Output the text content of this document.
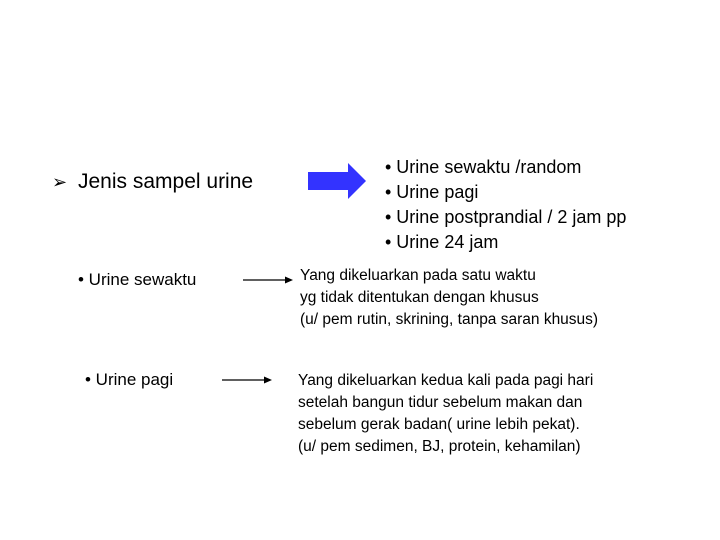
➢ Jenis sampel urine
• Urine sewaktu /random
• Urine pagi
• Urine postprandial / 2 jam pp
• Urine 24 jam
• Urine sewaktu	Yang dikeluarkan pada satu waktu
yg tidak ditentukan dengan khusus
(u/ pem rutin, skrining, tanpa saran khusus)
• Urine pagi	Yang dikeluarkan kedua kali pada pagi hari
setelah bangun tidur sebelum makan dan
sebelum gerak badan( urine lebih pekat).
(u/ pem sedimen, BJ, protein, kehamilan)
